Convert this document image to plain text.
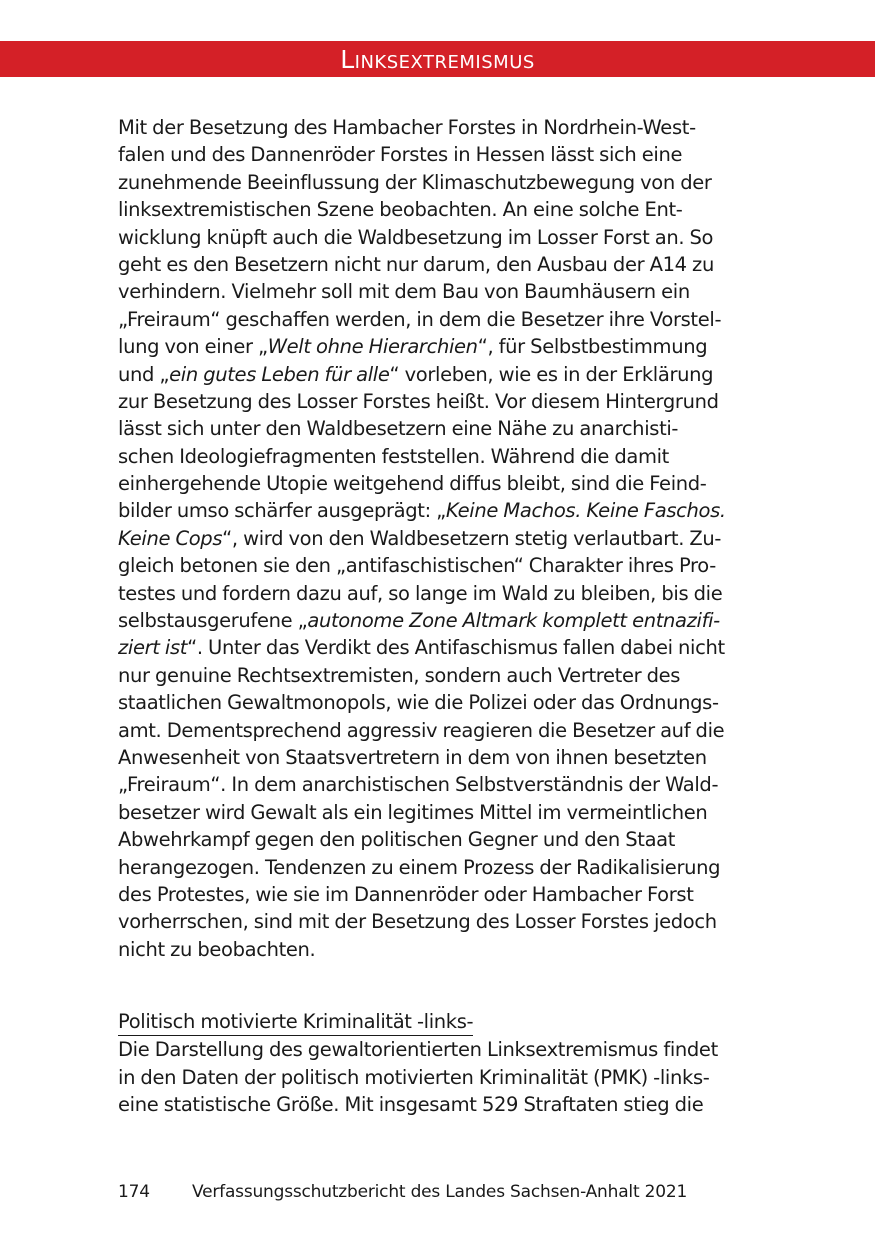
Linksextremismus
Mit der Besetzung des Hambacher Forstes in Nordrhein-West-
falen und des Dannenröder Forstes in Hessen lässt sich eine
zunehmende Beeinflussung der Klimaschutzbewegung von der
linksextremistischen Szene beobachten. An eine solche Ent-
wicklung knüpft auch die Waldbesetzung im Losser Forst an. So
geht es den Besetzern nicht nur darum, den Ausbau der A14 zu
verhindern. Vielmehr soll mit dem Bau von Baumhäusern ein
„Freiraum“ geschaffen werden, in dem die Besetzer ihre Vorstel-
lung von einer „Welt ohne Hierarchien“, für Selbstbestimmung
und „ein gutes Leben für alle“ vorleben, wie es in der Erklärung
zur Besetzung des Losser Forstes heißt. Vor diesem Hintergrund
lässt sich unter den Waldbesetzern eine Nähe zu anarchisti-
schen Ideologiefragmenten feststellen. Während die damit
einhergehende Utopie weitgehend diffus bleibt, sind die Feind-
bilder umso schärfer ausgeprägt: „Keine Machos. Keine Faschos.
Keine Cops“, wird von den Waldbesetzern stetig verlautbart. Zu-
gleich betonen sie den „antifaschistischen“ Charakter ihres Pro-
testes und fordern dazu auf, so lange im Wald zu bleiben, bis die
selbstausgerufene „autonome Zone Altmark komplett entnazifi-
ziert ist“. Unter das Verdikt des Antifaschismus fallen dabei nicht
nur genuine Rechtsextremisten, sondern auch Vertreter des
staatlichen Gewaltmonopols, wie die Polizei oder das Ordnungs-
amt. Dementsprechend aggressiv reagieren die Besetzer auf die
Anwesenheit von Staatsvertretern in dem von ihnen besetzten
„Freiraum“. In dem anarchistischen Selbstverständnis der Wald-
besetzer wird Gewalt als ein legitimes Mittel im vermeintlichen
Abwehrkampf gegen den politischen Gegner und den Staat
herangezogen. Tendenzen zu einem Prozess der Radikalisierung
des Protestes, wie sie im Dannenröder oder Hambacher Forst
vorherrschen, sind mit der Besetzung des Losser Forstes jedoch
nicht zu beobachten.
Politisch motivierte Kriminalität -links-
Die Darstellung des gewaltorientierten Linksextremismus findet
in den Daten der politisch motivierten Kriminalität (PMK) -links-
eine statistische Größe. Mit insgesamt 529 Straftaten stieg die
174 Verfassungsschutzbericht des Landes Sachsen-Anhalt 2021
